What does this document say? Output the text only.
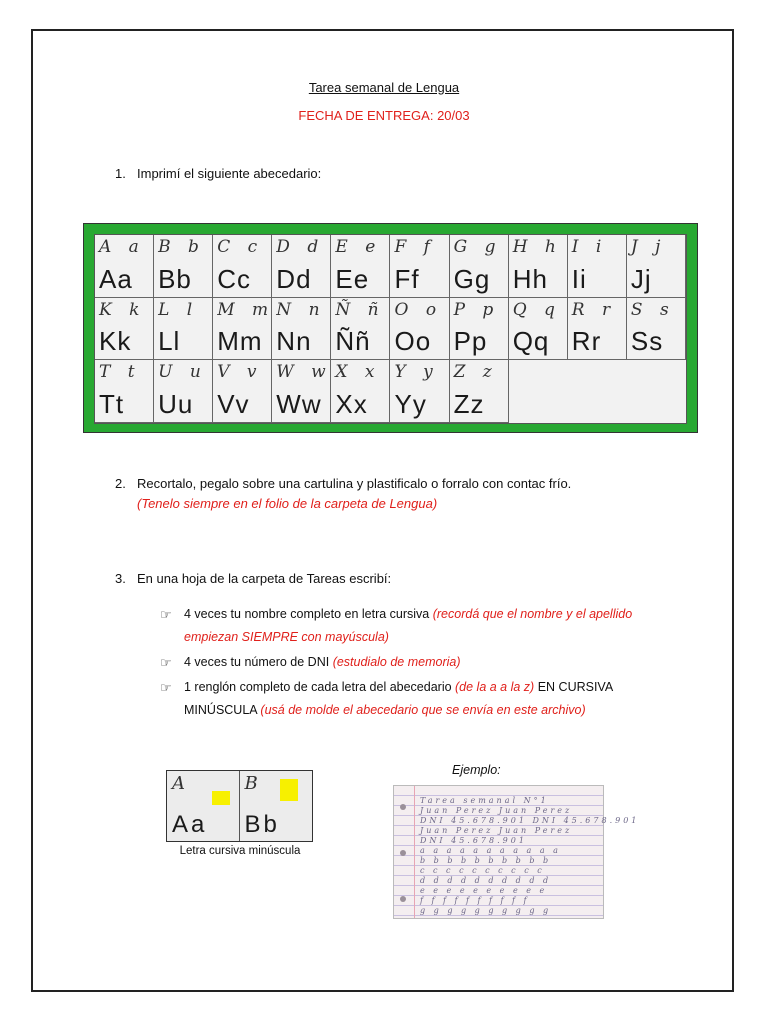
Tarea semanal de Lengua
FECHA DE ENTREGA: 20/03
1. Imprimí el siguiente abecedario:
A a
Aa
B b
Bb
C c
Cc
D d
Dd
E e
Ee
F f
Ff
G g
Gg
H h
Hh
I i
Ii
J j
Jj
K k
Kk
L l
Ll
M m
Mm
N n
Nn
Ñ ñ
Ññ
O o
Oo
P p
Pp
Q q
Qq
R r
Rr
S s
Ss
T t
Tt
U u
Uu
V v
Vv
W w
Ww
X x
Xx
Y y
Yy
Z z
Zz
2. Recortalo, pegalo sobre una cartulina y plastificalo o forralo con contac frío.
(Tenelo siempre en el folio de la carpeta de Lengua)
3. En una hoja de la carpeta de Tareas escribí:
☞ 4 veces tu nombre completo en letra cursiva (recordá que el nombre y el apellido empiezan SIEMPRE con mayúscula)
☞ 4 veces tu número de DNI (estudialo de memoria)
☞ 1 renglón completo de cada letra del abecedario (de la a a la z) EN CURSIVA MINÚSCULA (usá de molde el abecedario que se envía en este archivo)
A
Aa
B
Bb
Letra cursiva minúscula
Ejemplo:
Tarea semanal N°1
Juan Perez Juan Perez
DNI 45.678.901 DNI 45.678.901
Juan Perez Juan Perez
DNI 45.678.901
a a a a a a a a a a a
b b b b b b b b b b
c c c c c c c c c c
d d d d d d d d d d
e e e e e e e e e e
f f f f f f f f f f
g g g g g g g g g g
